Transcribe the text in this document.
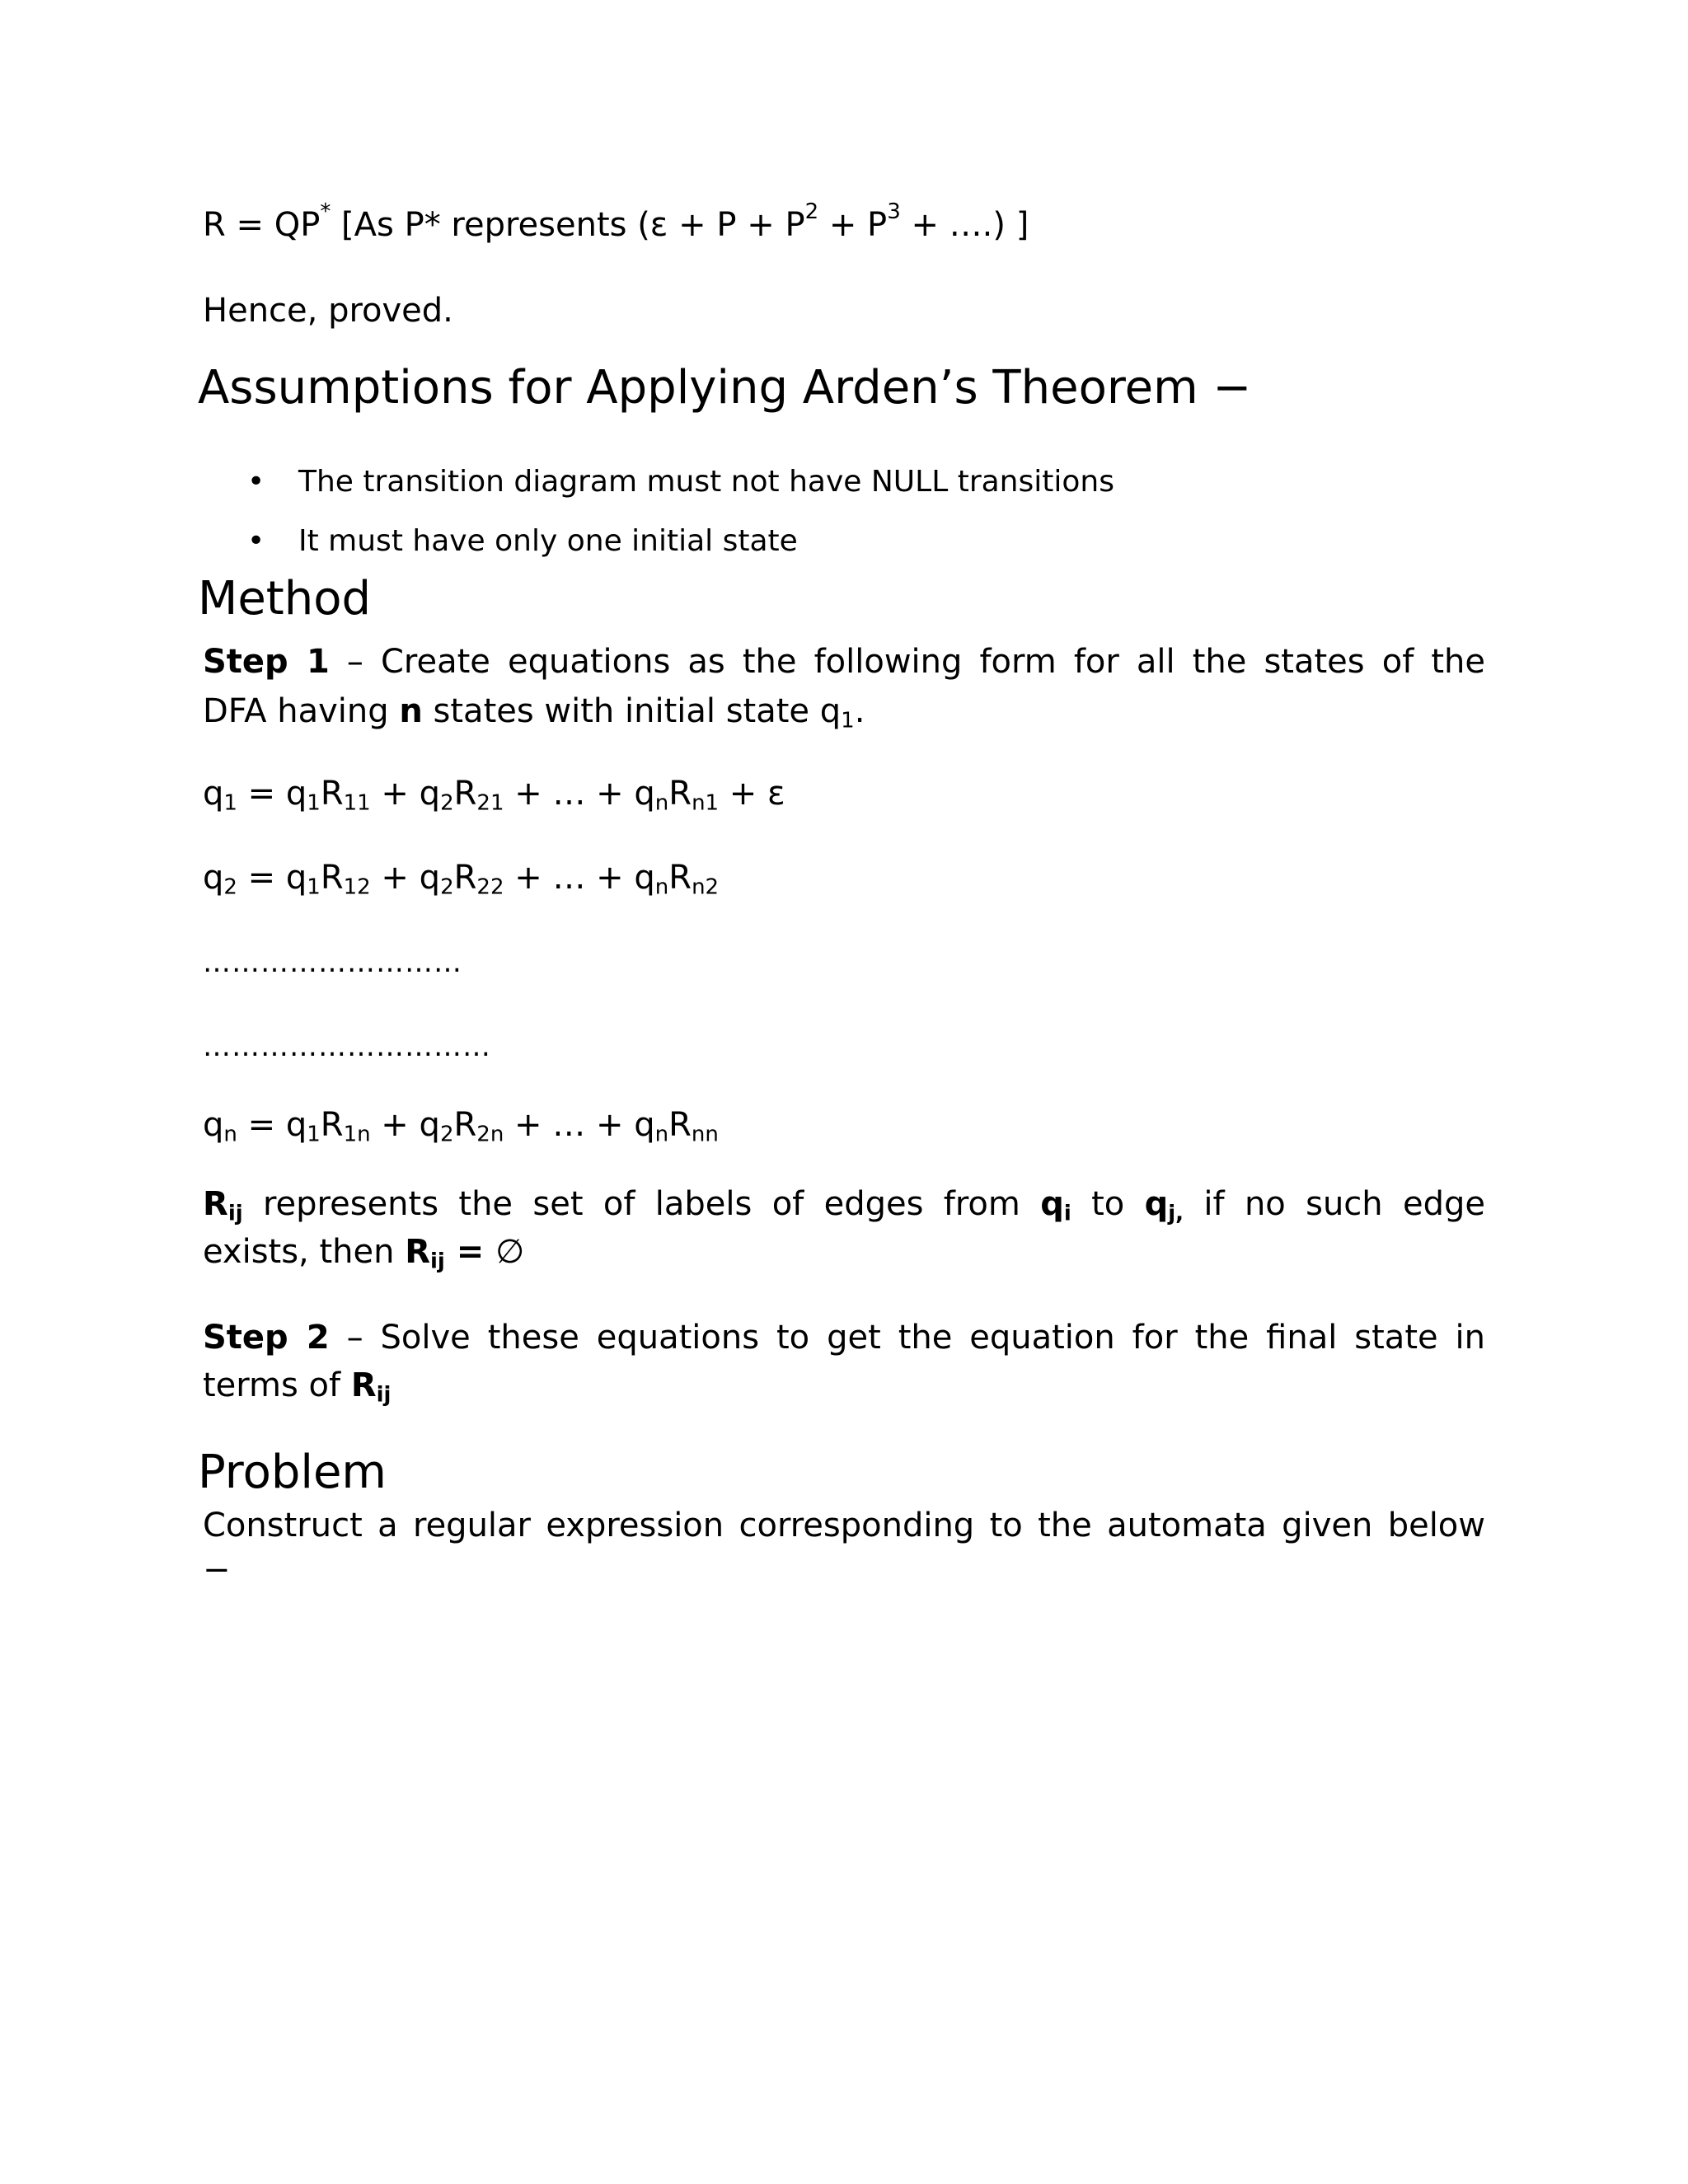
R = QP* [As P* represents ($\varepsilon + P + P^2 + P^3$ + ….) ]
Hence, proved.
Assumptions for Applying Arden’s Theorem −
• The transition diagram must not have NULL transitions
• It must have only one initial state
Method
Step 1 – Create equations as the following form for all the states of the
DFA having n states with initial state $q_1$.
$q_1 = q_1R_{11} + q_2R_{21}$ + … + $q_nR_{n1} + \varepsilon$
$q_2 = q_1R_{12} + q_2R_{22}$ + … + $q_nR_{n2}$
………………………
…………………………
$q_n = q_1R_{1n} + q_2R_{2n}$ + … + $q_nR_{nn}$
$R_{ij}$ represents the set of labels of edges from $q_i$ to $q_{j,}$ if no such edge
exists, then $R_{ij}$ = ∅
Step 2 – Solve these equations to get the equation for the final state in
terms of $R_{ij}$
Problem
Construct a regular expression corresponding to the automata given below
−
